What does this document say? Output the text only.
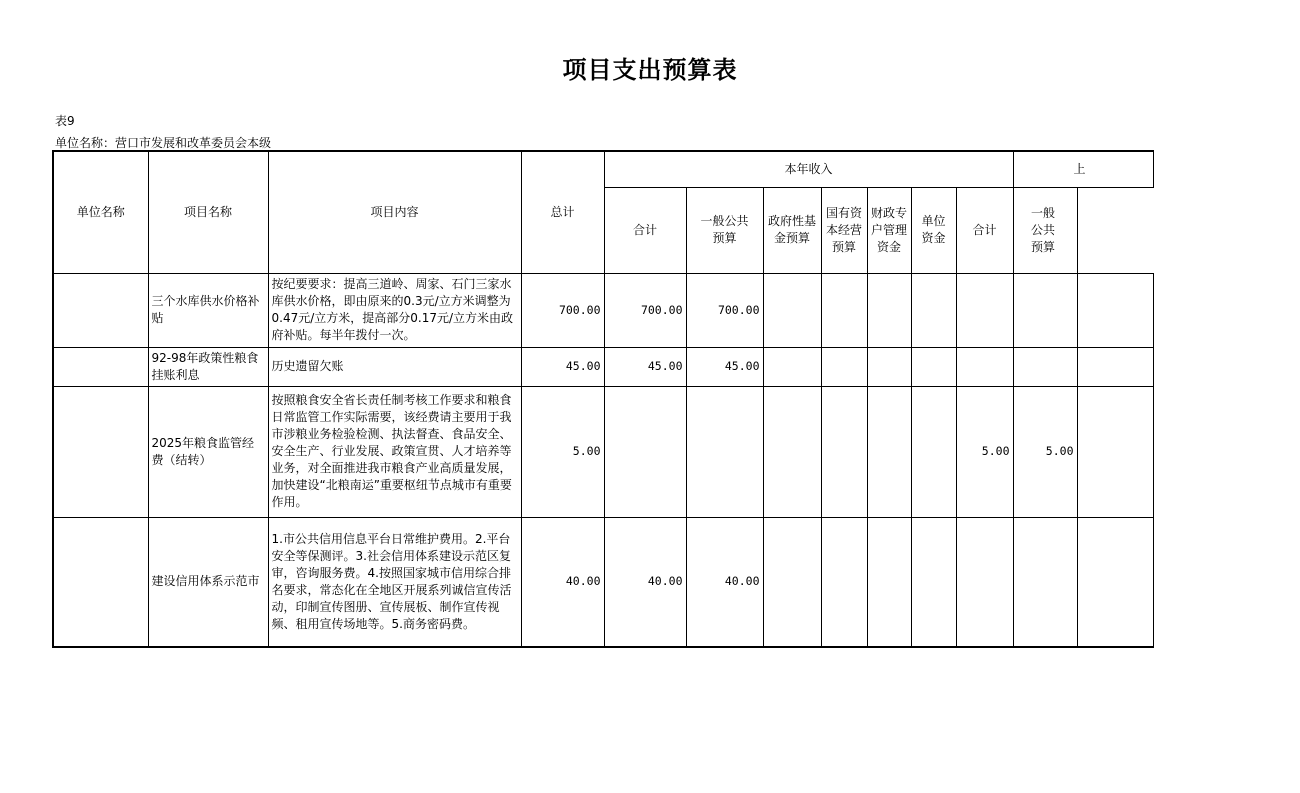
项目支出预算表
表9
单位名称：营口市发展和改革委员会本级
单位名称	项目名称	项目内容	总计	本年收入							上	
				合计	一般公共预算	政府性基金预算	国有资本经营预算	财政专户管理资金	单位资金	合计	一般公共预算	
	三个水库供水价格补贴	按纪要要求：提高三道岭、周家、石门三家水库供水价格，即由原来的0.3元/立方米调整为0.47元/立方米，提高部分0.17元/立方米由政府补贴。每半年拨付一次。	700.00	700.00	700.00							
	92-98年政策性粮食挂账利息	历史遗留欠账	45.00	45.00	45.00							
	2025年粮食监管经费（结转）	按照粮食安全省长责任制考核工作要求和粮食日常监管工作实际需要，该经费请主要用于我市涉粮业务检验检测、执法督查、食品安全、安全生产、行业发展、政策宣贯、人才培养等业务，对全面推进我市粮食产业高质量发展，加快建设“北粮南运”重要枢纽节点城市有重要作用。	5.00							5.00	5.00	
	建设信用体系示范市	1.市公共信用信息平台日常维护费用。2.平台安全等保测评。3.社会信用体系建设示范区复审，咨询服务费。4.按照国家城市信用综合排名要求，常态化在全地区开展系列诚信宣传活动，印制宣传图册、宣传展板、制作宣传视频、租用宣传场地等。5.商务密码费。	40.00	40.00	40.00							
